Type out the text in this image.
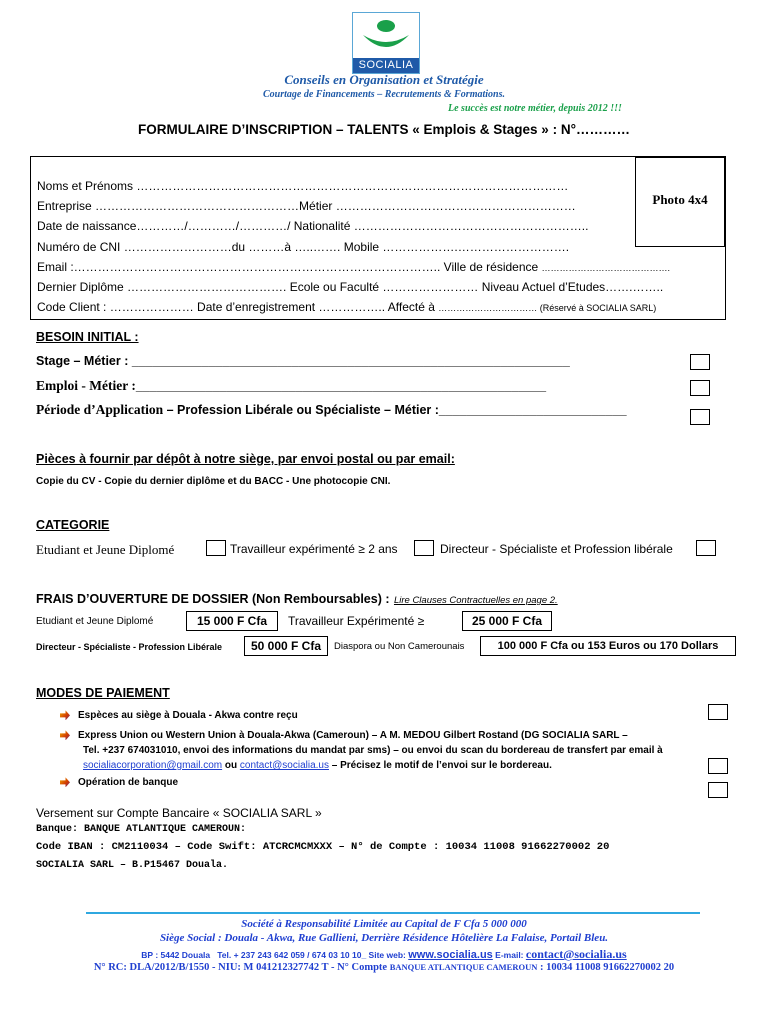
SOCIALIA
Conseils en Organisation et Stratégie
Courtage de Financements – Recrutements & Formations.
Le succès est notre métier, depuis 2012 !!!
FORMULAIRE D’INSCRIPTION – TALENTS « Emplois & Stages » : N°…………
Noms et Prénoms ………………………………………………………………………………………………
Entreprise ……………………………………………Métier ……………………………………………………
Date de naissance…………/…………/…………/ Nationalité …………………………………………………..
Numéro de CNI ………………………du ………à …..……. Mobile ……………….……………………….
Email :……………………………………………………………………………….. Ville de résidence …………………………………….
Dernier Diplôme …………………………………. Ecole ou Faculté …………………… Niveau Actuel d’Etudes…….……..
Code Client : ………………… Date d’enregistrement …………….. Affecté à …………………………… (Réservé à SOCIALIA SARL)
Photo 4x4
BESOIN INITIAL :
Stage – Métier : _______________________________________________________________
Emploi - Métier :___________________________________________________________
Période d’Application – Profession Libérale ou Spécialiste – Métier :___________________________
Pièces à fournir par dépôt à notre siège, par envoi postal ou par email:
Copie du CV - Copie du dernier diplôme et du BACC - Une photocopie CNI.
CATEGORIE
Etudiant et Jeune Diplomé	Travailleur expérimenté ≥ 2 ans	Directeur - Spécialiste et Profession libérale
FRAIS D’OUVERTURE DE DOSSIER (Non Remboursables) : Lire Clauses Contractuelles en page 2.
Etudiant et Jeune Diplomé	15 000 F Cfa	Travailleur Expérimenté ≥	25 000 F Cfa
Directeur - Spécialiste - Profession Libérale	50 000 F Cfa	Diaspora ou Non Camerounais	100 000 F Cfa ou 153 Euros ou 170 Dollars
MODES DE PAIEMENT
Espèces au siège à Douala - Akwa contre reçu
Express Union ou Western Union à Douala-Akwa (Cameroun) – A M. MEDOU Gilbert Rostand (DG SOCIALIA SARL –
Tel. +237 674031010, envoi des informations du mandat par sms) – ou envoi du scan du bordereau de transfert par email à
socialiacorporation@gmail.com ou contact@socialia.us – Précisez le motif de l’envoi sur le bordereau.
Opération de banque
Versement sur Compte Bancaire « SOCIALIA SARL »
Banque: BANQUE ATLANTIQUE CAMEROUN:
Code IBAN : CM2110034 – Code Swift: ATCRCMCMXXX – N° de Compte : 10034 11008 91662270002 20
SOCIALIA SARL – B.P15467 Douala.
Société à Responsabilité Limitée au Capital de F Cfa 5 000 000
Siège Social : Douala - Akwa, Rue Gallieni, Derrière Résidence Hôtelière La Falaise, Portail Bleu.
BP : 5442 Douala Tel. + 237 243 642 059 / 674 03 10 10_ Site web: www.socialia.us E-mail: contact@socialia.us
N° RC: DLA/2012/B/1550 - NIU: M 041212327742 T - N° Compte BANQUE ATLANTIQUE CAMEROUN : 10034 11008 91662270002 20
